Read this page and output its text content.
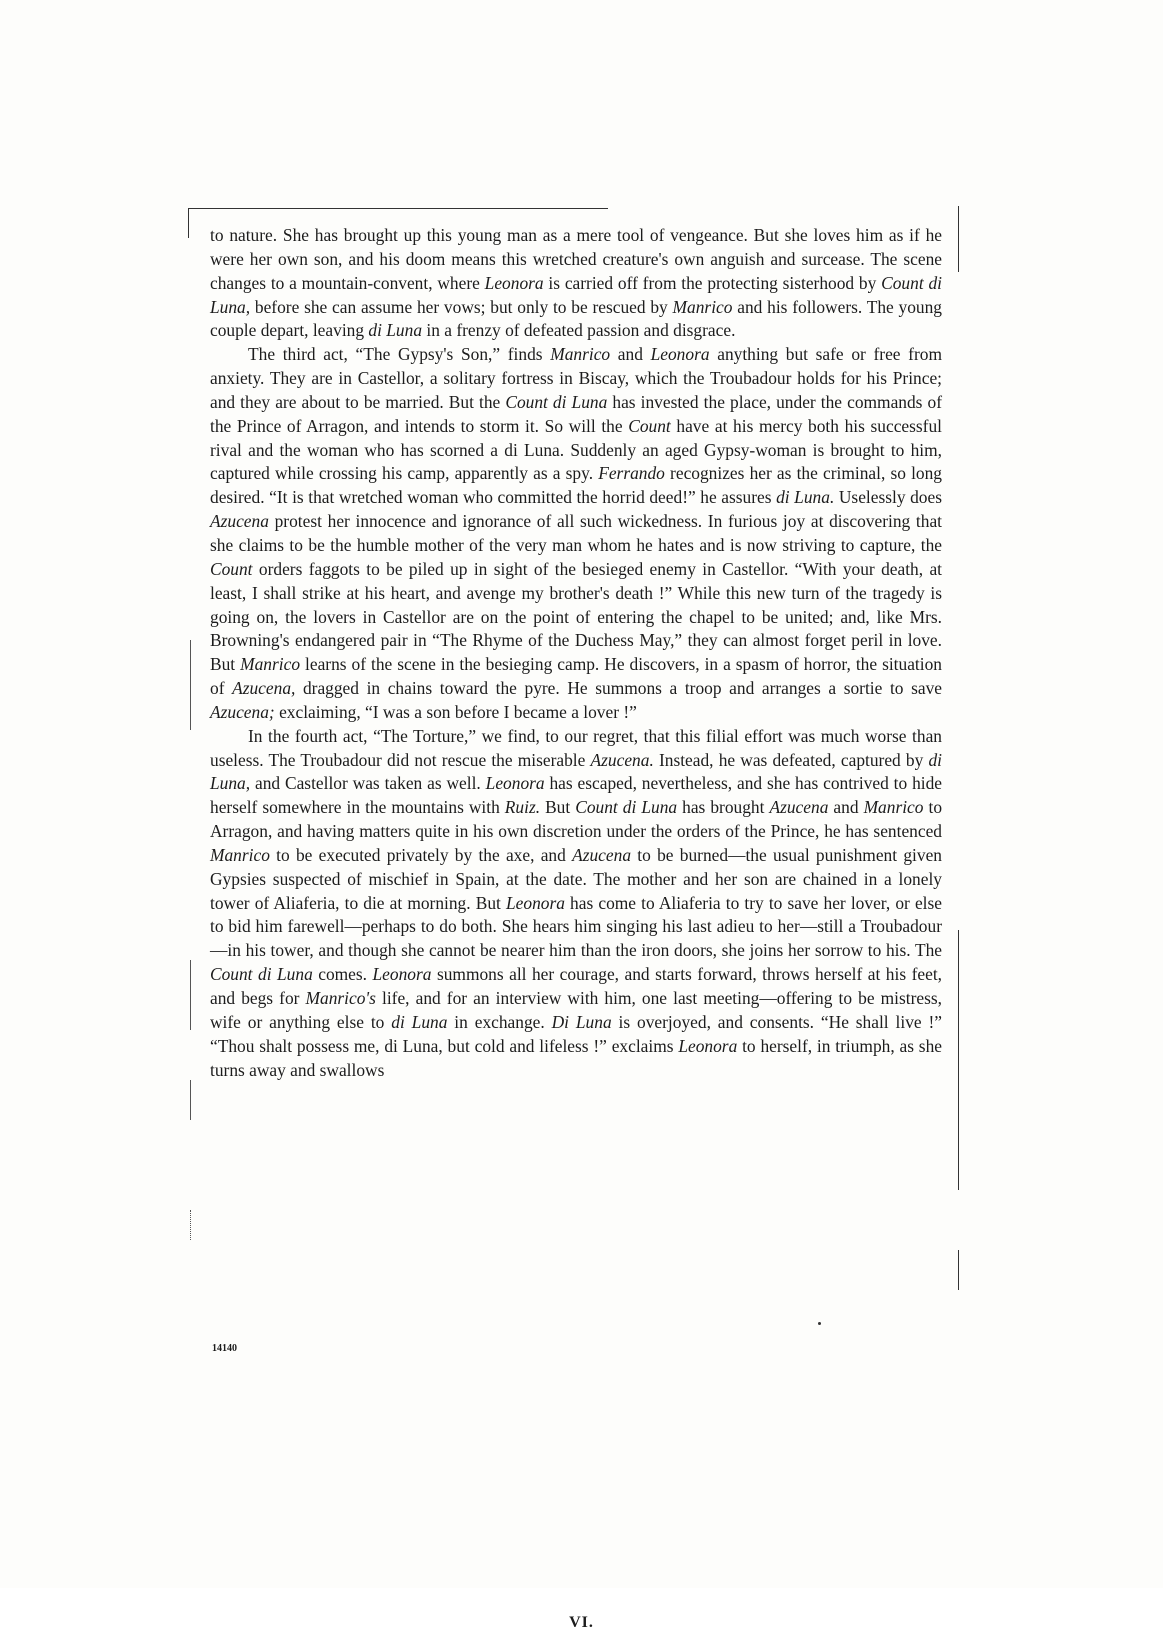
to nature. She has brought up this young man as a mere tool of vengeance. But she loves him as if he were her own son, and his doom means this wretched creature's own anguish and surcease. The scene changes to a mountain-convent, where Leonora is carried off from the protecting sisterhood by Count di Luna, before she can assume her vows; but only to be rescued by Manrico and his followers. The young couple depart, leaving di Luna in a frenzy of defeated passion and disgrace.

The third act, “The Gypsy's Son,” finds Manrico and Leonora anything but safe or free from anxiety. They are in Castellor, a solitary fortress in Biscay, which the Troubadour holds for his Prince; and they are about to be married. But the Count di Luna has invested the place, under the commands of the Prince of Arragon, and intends to storm it. So will the Count have at his mercy both his successful rival and the woman who has scorned a di Luna. Suddenly an aged Gypsy-woman is brought to him, captured while crossing his camp, apparently as a spy. Ferrando recognizes her as the criminal, so long desired. “It is that wretched woman who committed the horrid deed!” he assures di Luna. Uselessly does Azucena protest her innocence and ignorance of all such wickedness. In furious joy at discovering that she claims to be the humble mother of the very man whom he hates and is now striving to capture, the Count orders faggots to be piled up in sight of the besieged enemy in Castellor. “With your death, at least, I shall strike at his heart, and avenge my brother's death !” While this new turn of the tragedy is going on, the lovers in Castellor are on the point of entering the chapel to be united; and, like Mrs. Browning's endangered pair in “The Rhyme of the Duchess May,” they can almost forget peril in love. But Manrico learns of the scene in the besieging camp. He discovers, in a spasm of horror, the situation of Azucena, dragged in chains toward the pyre. He summons a troop and arranges a sortie to save Azucena; exclaiming, “I was a son before I became a lover !”

In the fourth act, “The Torture,” we find, to our regret, that this filial effort was much worse than useless. The Troubadour did not rescue the miserable Azucena. Instead, he was defeated, captured by di Luna, and Castellor was taken as well. Leonora has escaped, nevertheless, and she has contrived to hide herself somewhere in the mountains with Ruiz. But Count di Luna has brought Azucena and Manrico to Arragon, and having matters quite in his own discretion under the orders of the Prince, he has sentenced Manrico to be executed privately by the axe, and Azucena to be burned—the usual punishment given Gypsies suspected of mischief in Spain, at the date. The mother and her son are chained in a lonely tower of Aliaferia, to die at morning. But Leonora has come to Aliaferia to try to save her lover, or else to bid him farewell—perhaps to do both. She hears him singing his last adieu to her—still a Troubadour—in his tower, and though she cannot be nearer him than the iron doors, she joins her sorrow to his. The Count di Luna comes. Leonora summons all her courage, and starts forward, throws herself at his feet, and begs for Manrico's life, and for an interview with him, one last meeting—offering to be mistress, wife or anything else to di Luna in exchange. Di Luna is overjoyed, and consents. “He shall live !” “Thou shalt possess me, di Luna, but cold and lifeless !” exclaims Leonora to herself, in triumph, as she turns away and swallows

VI.
14140
